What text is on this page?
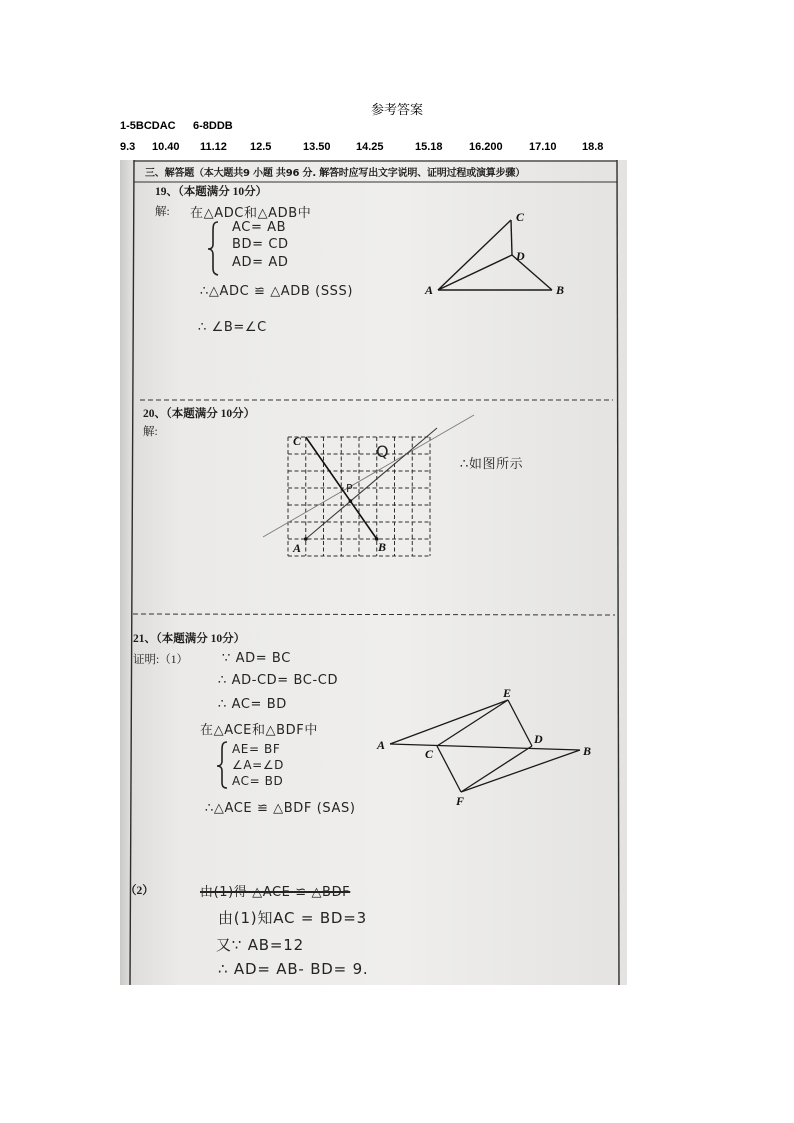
参考答案
1-5BCDAC 6-8DDB
9.3 10.40 11.12 12.5	13.50 14.25	15.18 16.200 17.10 18.8
A	B
C
D
C
Q
P
A	B
A	B
C
D
E
F
三、解答题（本大题共9 小题 共96 分. 解答时应写出文字说明、证明过程或演算步骤）
19、（本题满分 10分）
解: 在△ADC和△ADB中
AC= AB
BD= CD
AD= AD
∴△ADC ≌ △ADB (SSS)
∴ ∠B=∠C
20、（本题满分 10分）
解:
∴如图所示
21、（本题满分 10分）
证明:（1）	∵ AD= BC
∴ AD-CD= BC-CD
∴ AC= BD
在△ACE和△BDF中
AE= BF
∠A=∠D
AC= BD
∴△ACE ≌ △BDF (SAS)
（2）	由(1)得 △ACE ≌ △BDF
由(1)知AC = BD=3
又∵ AB=12
∴ AD= AB- BD= 9.
